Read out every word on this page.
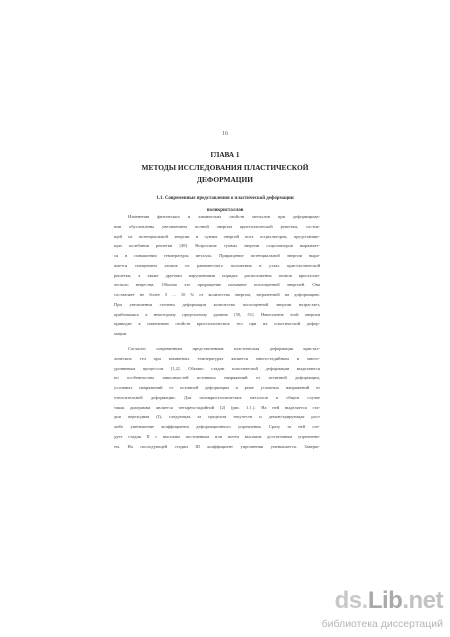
16
ГЛАВА 1
МЕТОДЫ ИССЛЕДОВАНИЯ ПЛАСТИЧЕСКОЙ
ДЕФОРМАЦИИ
1.1. Современные представления о пластической деформации
поликристаллов
Изменения физических и химических свойств металлов при деформирова-
нии обусловлены увеличением полной энергии кристаллической решетки, состоя-
щей из потенциальной энергии и суммы энергий всех осцилляторов, представляю-
щих колебания решетки [49]. Возросшие суммы энергии осцилляторов выражает-
ся в повышении температуры металла. Приращение потенциальной энергии выра-
жается смещением атомов из равновесного положения в узлах кристаллической
решетки, а также другими нарушениями порядка расположения атомов кристалли-
ческого вещества. Обычно это приращение называют поглощенной энергией. Она
составляет не более 5 ... 10 % от количества энергии, затраченной на деформацию.
При увеличении степени деформации количество поглощенной энергии возрастает,
приближаясь к некоторому предельному уровню [50, 51]. Накопление этой энергии
приводит к изменению свойств кристаллических тел при их пластической дефор-
мации.
Согласно современным представлениям пластическая деформация кристал-
лических тел при комнатных температурах является многостадийным и много-
уровневым процессом [1,2]. Обычно стадии пластической деформации выделяются
по особенностям зависимостей истинных напряжений от истинной деформации,
условных напряжений от истинной деформации и реже условных напряжений от
относительной деформации. Для поликристаллических металлов в общем случае
такая диаграмма является четырехстадийной [2] (рис. 1.1.). На ней выделяется ста-
дия переходная (I), следующая за пределом текучести и демонстрирующая рост
либо уменьшение коэффициента деформационного упрочнения. Сразу за ней сле-
дует стадия II с высоким постоянным или почти высоким достаточным упрочнени-
ем. На последующей стадии III коэффициент упрочнения уменьшается. Заверш-
ds.Lib.net
библиотека диссертаций
